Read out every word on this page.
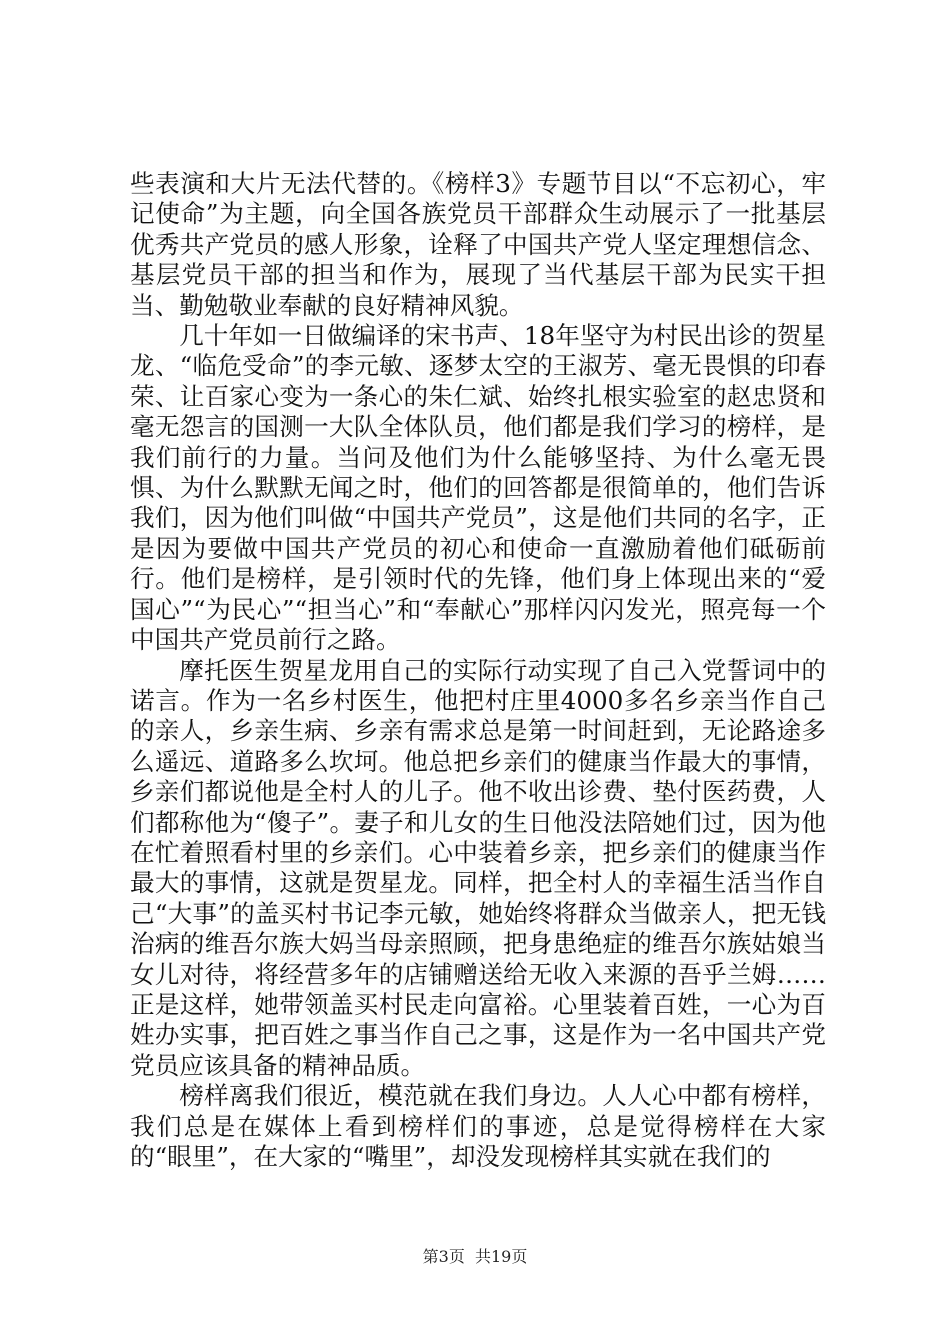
些表演和大片无法代替的。《榜样3》专题节目以“不忘初心，牢记使命”为主题，向全国各族党员干部群众生动展示了一批基层优秀共产党员的感人形象，诠释了中国共产党人坚定理想信念、基层党员干部的担当和作为，展现了当代基层干部为民实干担当、勤勉敬业奉献的良好精神风貌。

几十年如一日做编译的宋书声、18年坚守为村民出诊的贺星龙、“临危受命”的李元敏、逐梦太空的王淑芳、毫无畏惧的印春荣、让百家心变为一条心的朱仁斌、始终扎根实验室的赵忠贤和毫无怨言的国测一大队全体队员，他们都是我们学习的榜样，是我们前行的力量。当问及他们为什么能够坚持、为什么毫无畏惧、为什么默默无闻之时，他们的回答都是很简单的，他们告诉我们，因为他们叫做“中国共产党员”，这是他们共同的名字，正是因为要做中国共产党员的初心和使命一直激励着他们砥砺前行。他们是榜样，是引领时代的先锋，他们身上体现出来的“爱国心”“为民心”“担当心”和“奉献心”那样闪闪发光，照亮每一个中国共产党员前行之路。

摩托医生贺星龙用自己的实际行动实现了自己入党誓词中的诺言。作为一名乡村医生，他把村庄里4000多名乡亲当作自己的亲人，乡亲生病、乡亲有需求总是第一时间赶到，无论路途多么遥远、道路多么坎坷。他总把乡亲们的健康当作最大的事情，乡亲们都说他是全村人的儿子。他不收出诊费、垫付医药费，人们都称他为“傻子”。妻子和儿女的生日他没法陪她们过，因为他在忙着照看村里的乡亲们。心中装着乡亲，把乡亲们的健康当作最大的事情，这就是贺星龙。同样，把全村人的幸福生活当作自己“大事”的盖买村书记李元敏，她始终将群众当做亲人，把无钱治病的维吾尔族大妈当母亲照顾，把身患绝症的维吾尔族姑娘当女儿对待，将经营多年的店铺赠送给无收入来源的吾乎兰姆……正是这样，她带领盖买村民走向富裕。心里装着百姓，一心为百姓办实事，把百姓之事当作自己之事，这是作为一名中国共产党党员应该具备的精神品质。

榜样离我们很近，模范就在我们身边。人人心中都有榜样，我们总是在媒体上看到榜样们的事迹，总是觉得榜样在大家的“眼里”，在大家的“嘴里”，却没发现榜样其实就在我们的

第3页  共19页
